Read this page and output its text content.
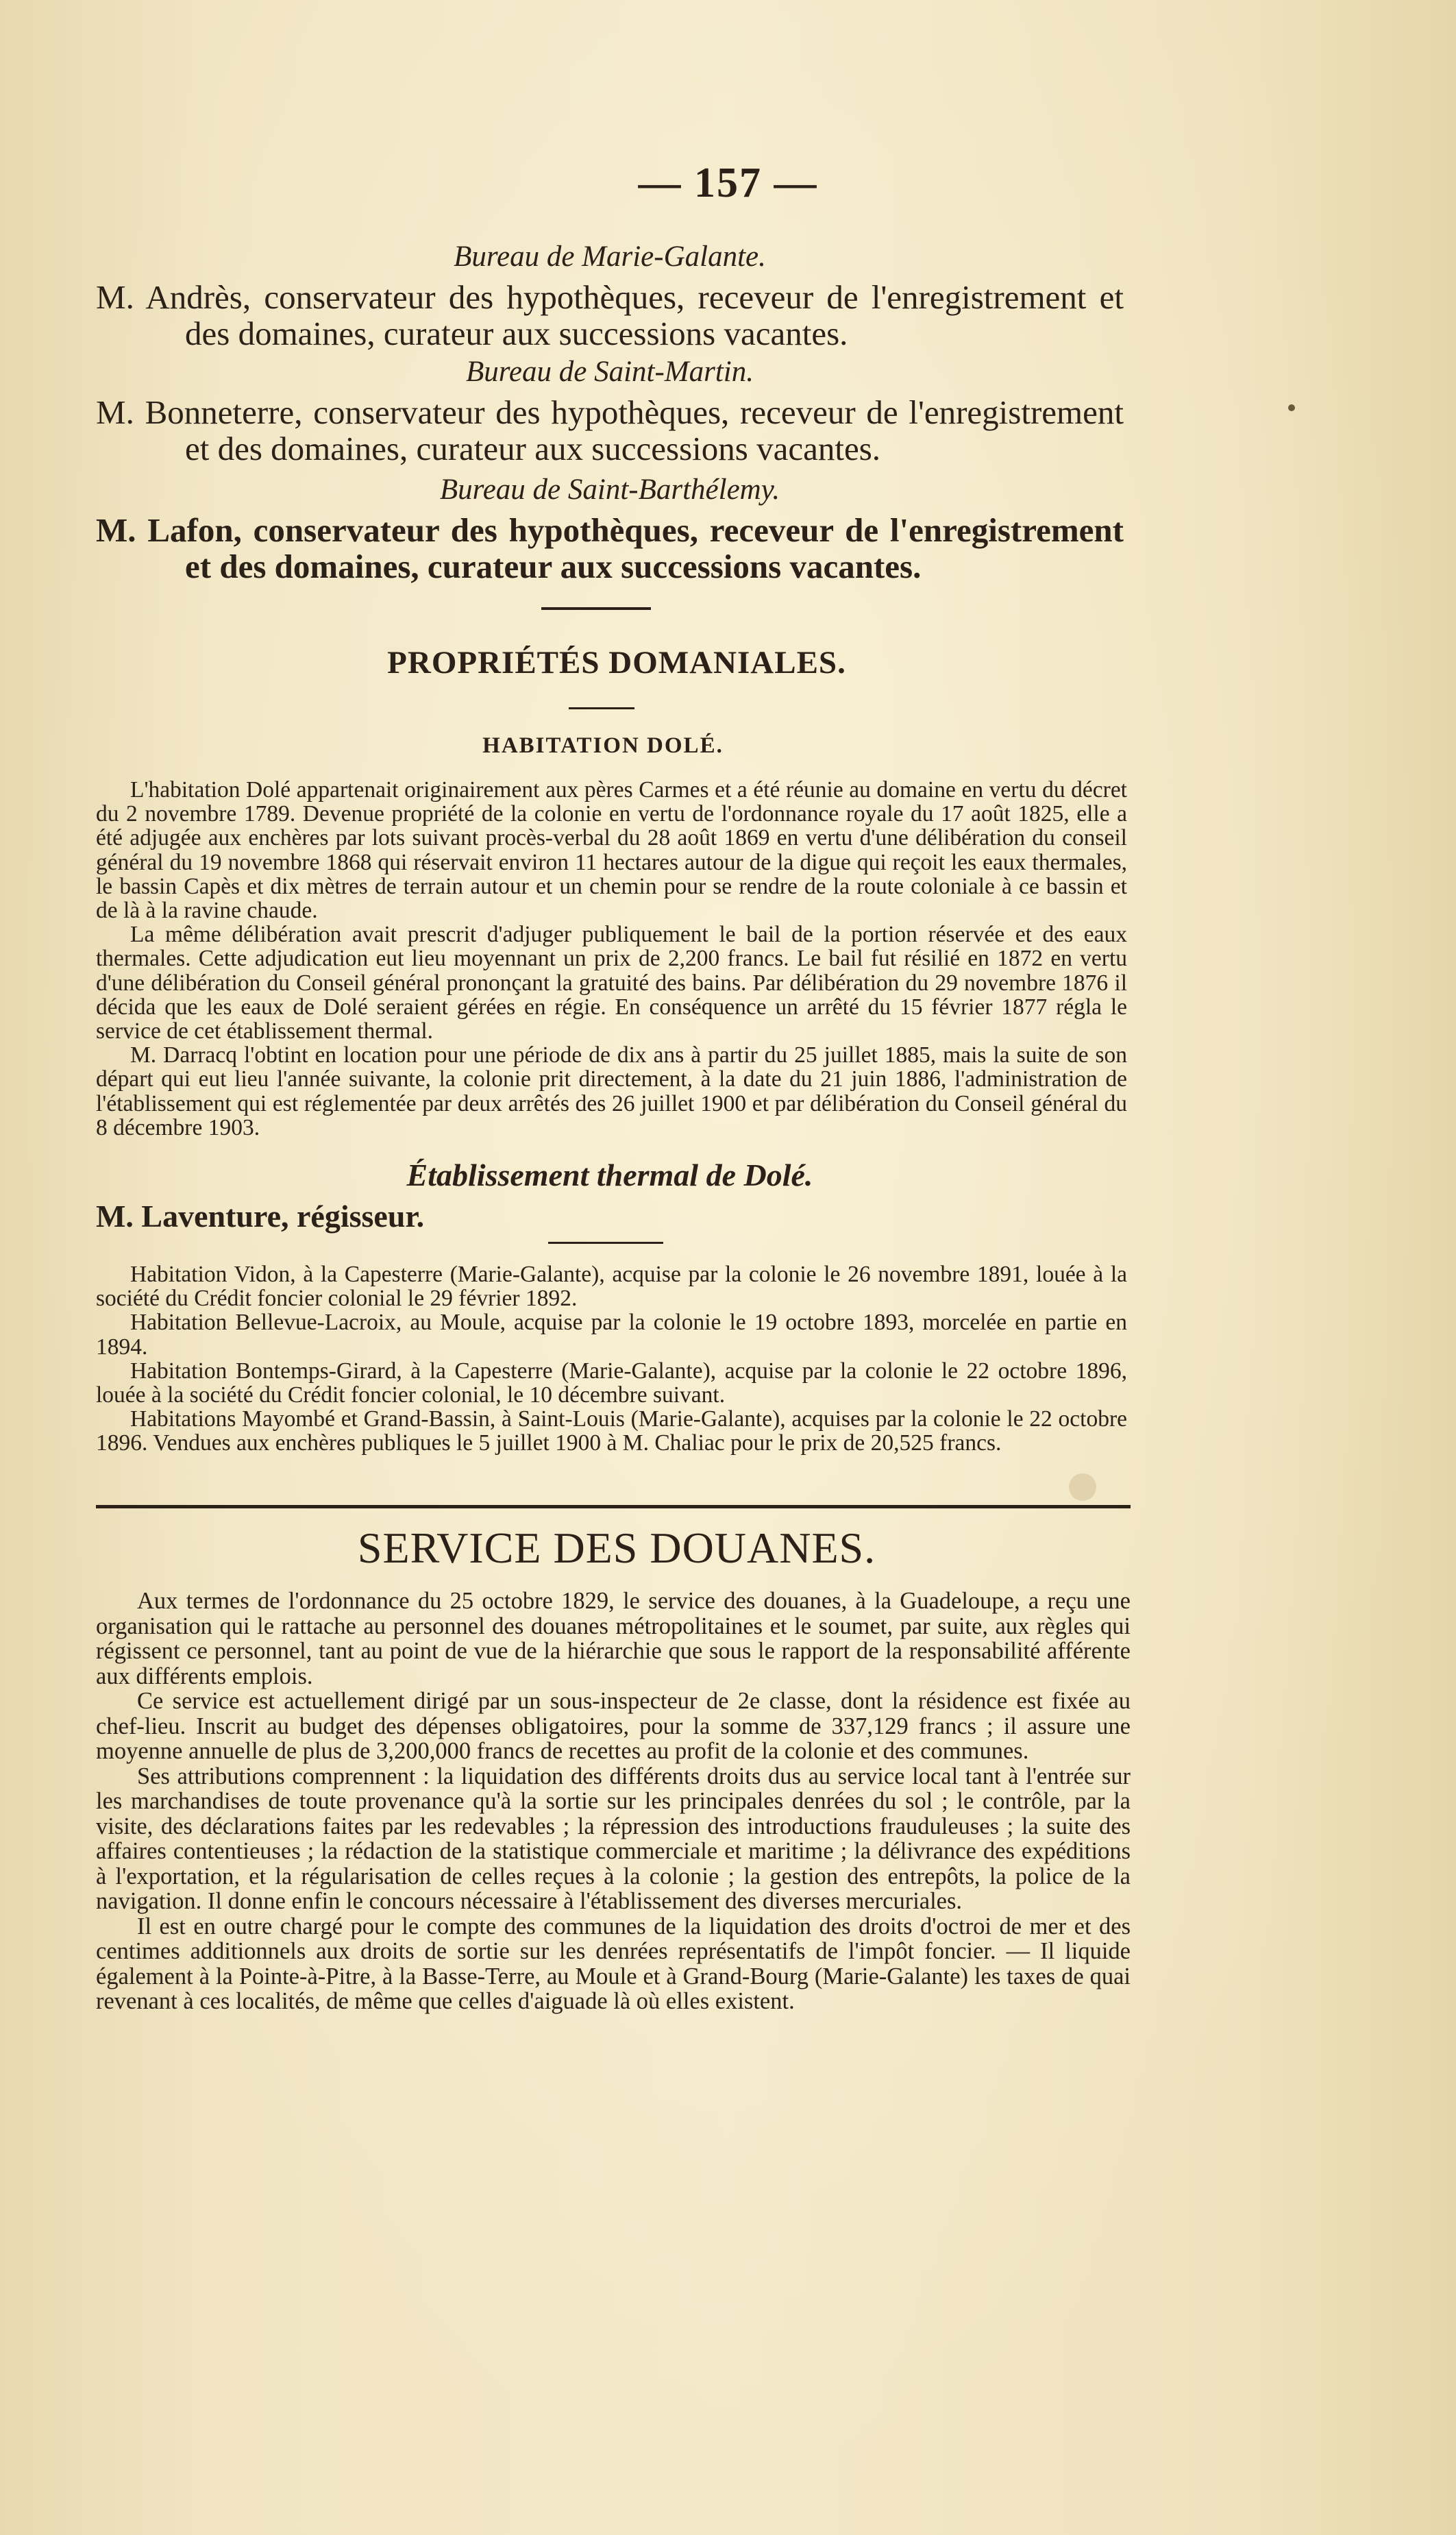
— 157 —

Bureau de Marie-Galante.

M. Andrès, conservateur des hypothèques, receveur de l'enregistrement et des domaines, curateur aux successions vacantes.

Bureau de Saint-Martin.

M. Bonneterre, conservateur des hypothèques, receveur de l'enregistrement et des domaines, curateur aux successions vacantes.

Bureau de Saint-Barthélemy.

M. Lafon, conservateur des hypothèques, receveur de l'enregistrement et des domaines, curateur aux successions vacantes.

PROPRIÉTÉS DOMANIALES.
HABITATION DOLÉ.

L'habitation Dolé appartenait originairement aux pères Carmes et a été réunie au domaine en vertu du décret du 2 novembre 1789. Devenue propriété de la colonie en vertu de l'ordonnance royale du 17 août 1825, elle a été adjugée aux enchères par lots suivant procès-verbal du 28 août 1869 en vertu d'une délibération du conseil général du 19 novembre 1868 qui réservait environ 11 hectares autour de la digue qui reçoit les eaux thermales, le bassin Capès et dix mètres de terrain autour et un chemin pour se rendre de la route coloniale à ce bassin et de là à la ravine chaude.

La même délibération avait prescrit d'adjuger publiquement le bail de la portion réservée et des eaux thermales. Cette adjudication eut lieu moyennant un prix de 2,200 francs. Le bail fut résilié en 1872 en vertu d'une délibération du Conseil général prononçant la gratuité des bains. Par délibération du 29 novembre 1876 il décida que les eaux de Dolé seraient gérées en régie. En conséquence un arrêté du 15 février 1877 régla le service de cet établissement thermal.

M. Darracq l'obtint en location pour une période de dix ans à partir du 25 juillet 1885, mais la suite de son départ qui eut lieu l'année suivante, la colonie prit directement, à la date du 21 juin 1886, l'administration de l'établissement qui est réglementée par deux arrêtés des 26 juillet 1900 et par délibération du Conseil général du 8 décembre 1903.

Établissement thermal de Dolé.

M. Laventure, régisseur.

Habitation Vidon, à la Capesterre (Marie-Galante), acquise par la colonie le 26 novembre 1891, louée à la société du Crédit foncier colonial le 29 février 1892.

Habitation Bellevue-Lacroix, au Moule, acquise par la colonie le 19 octobre 1893, morcelée en partie en 1894.

Habitation Bontemps-Girard, à la Capesterre (Marie-Galante), acquise par la colonie le 22 octobre 1896, louée à la société du Crédit foncier colonial, le 10 décembre suivant.

Habitations Mayombé et Grand-Bassin, à Saint-Louis (Marie-Galante), acquises par la colonie le 22 octobre 1896. Vendues aux enchères publiques le 5 juillet 1900 à M. Chaliac pour le prix de 20,525 francs.

SERVICE DES DOUANES.

Aux termes de l'ordonnance du 25 octobre 1829, le service des douanes, à la Guadeloupe, a reçu une organisation qui le rattache au personnel des douanes métropolitaines et le soumet, par suite, aux règles qui régissent ce personnel, tant au point de vue de la hiérarchie que sous le rapport de la responsabilité afférente aux différents emplois.

Ce service est actuellement dirigé par un sous-inspecteur de 2e classe, dont la résidence est fixée au chef-lieu. Inscrit au budget des dépenses obligatoires, pour la somme de 337,129 francs ; il assure une moyenne annuelle de plus de 3,200,000 francs de recettes au profit de la colonie et des communes.

Ses attributions comprennent : la liquidation des différents droits dus au service local tant à l'entrée sur les marchandises de toute provenance qu'à la sortie sur les principales denrées du sol ; le contrôle, par la visite, des déclarations faites par les redevables ; la répression des introductions frauduleuses ; la suite des affaires contentieuses ; la rédaction de la statistique commerciale et maritime ; la délivrance des expéditions à l'exportation, et la régularisation de celles reçues à la colonie ; la gestion des entrepôts, la police de la navigation. Il donne enfin le concours nécessaire à l'établissement des diverses mercuriales.

Il est en outre chargé pour le compte des communes de la liquidation des droits d'octroi de mer et des centimes additionnels aux droits de sortie sur les denrées représentatifs de l'impôt foncier. — Il liquide également à la Pointe-à-Pitre, à la Basse-Terre, au Moule et à Grand-Bourg (Marie-Galante) les taxes de quai revenant à ces localités, de même que celles d'aiguade là où elles existent.
